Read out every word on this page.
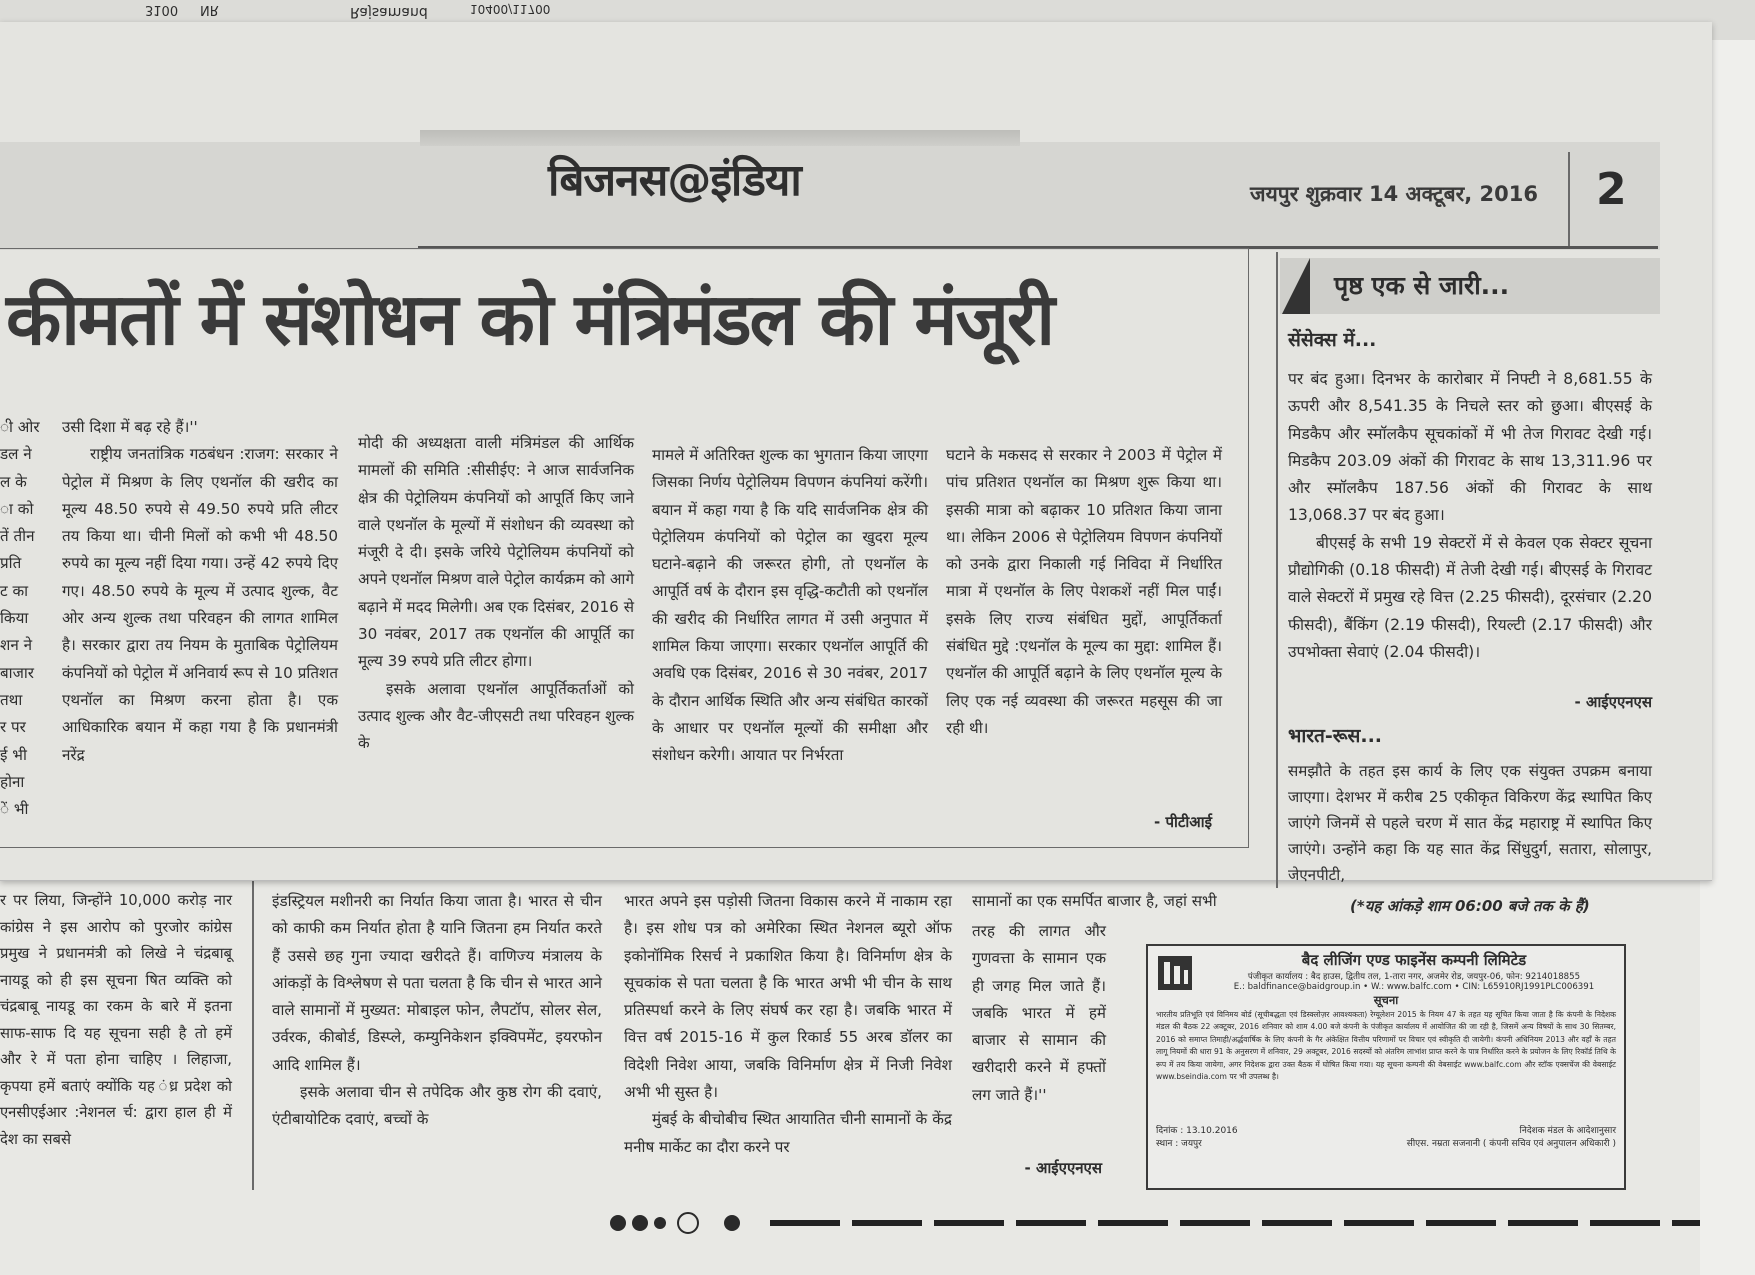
NR
3100	Rajsamand	10400/11700

र पर लिया, जिन्होंने 10,000 करोड़ नार कांग्रेस ने इस आरोप को पुरजोर कांग्रेस प्रमुख ने प्रधानमंत्री को लिखे ने चंद्रबाबू नायडू को ही इस सूचना षित व्यक्ति को चंद्रबाबू नायडू का रकम के बारे में इतना साफ-साफ दि यह सूचना सही है तो हमें और रे में पता होना चाहिए । लिहाजा, कृपया हमें बताएं क्योंकि यह ंध्र प्रदेश को एनसीएईआर :नेशनल र्च: द्वारा हाल ही में देश का सबसे

इंडस्ट्रियल मशीनरी का निर्यात किया जाता है। भारत से चीन को काफी कम निर्यात होता है यानि जितना हम निर्यात करते हैं उससे छह गुना ज्यादा खरीदते हैं। वाणिज्य मंत्रालय के आंकड़ों के विश्लेषण से पता चलता है कि चीन से भारत आने वाले सामानों में मुख्यत: मोबाइल फोन, लैपटॉप, सोलर सेल, उर्वरक, कीबोर्ड, डिस्प्ले, कम्युनिकेशन इक्विपमेंट, इयरफोन आदि शामिल हैं।

इसके अलावा चीन से तपेदिक और कुष्ठ रोग की दवाएं, एंटीबायोटिक दवाएं, बच्चों के

भारत अपने इस पड़ोसी जितना विकास करने में नाकाम रहा है। इस शोध पत्र को अमेरिका स्थित नेशनल ब्यूरो ऑफ इकोनॉमिक रिसर्च ने प्रकाशित किया है। विनिर्माण क्षेत्र के सूचकांक से पता चलता है कि भारत अभी भी चीन के साथ प्रतिस्पर्धा करने के लिए संघर्ष कर रहा है। जबकि भारत में वित्त वर्ष 2015-16 में कुल रिकार्ड 55 अरब डॉलर का विदेशी निवेश आया, जबकि विनिर्माण क्षेत्र में निजी निवेश अभी भी सुस्त है।

मुंबई के बीचोबीच स्थित आयातित चीनी सामानों के केंद्र मनीष मार्केट का दौरा करने पर

सामानों का एक समर्पित बाजार है, जहां सभी

तरह की लागत और गुणवत्ता के सामान एक ही जगह मिल जाते हैं। जबकि भारत में हमें बाजार से सामान की खरीदारी करने में हफ्तों लग जाते हैं।''

- आईएएनएस
बैद लीजिंग एण्ड फाइनेंस कम्पनी लिमिटेड
पंजीकृत कार्यालय : बैद हाउस, द्वितीय तल, 1-तारा नगर, अजमेर रोड, जयपुर-06, फोन: 9214018855
E.: baldfinance@baidgroup.in • W.: www.balfc.com • CIN: L65910RJ1991PLC006391
सूचना
भारतीय प्रतिभूति एवं विनिमय बोर्ड (सूचीबद्धता एवं डिस्क्लोज़र आवश्यकता) रेग्यूलेशन 2015 के नियम 47 के तहत यह सूचित किया जाता है कि कंपनी के निदेशक मंडल की बैठक 22 अक्टूबर, 2016 शनिवार को शाम 4.00 बजे कंपनी के पंजीकृत कार्यालय में आयोजित की जा रही है, जिसमें अन्य विषयों के साथ 30 सितम्बर, 2016 को समाप्त तिमाही/अर्द्धवार्षिक के लिए कंपनी के गैर अंकेक्षित वित्तीय परिणामों पर विचार एवं स्वीकृति दी जायेगी। कंपनी अधिनियम 2013 और वहाँ के तहत लागू नियमों की धारा 91 के अनुसरण में शनिवार, 29 अक्टूबर, 2016 सदस्यों को अंतरिम लाभांश प्राप्त करने के पात्र निर्धारित करने के प्रयोजन के लिए रिकॉर्ड तिथि के रूप में तय किया जायेगा, अगर निदेशक द्वारा उक्त बैठक में घोषित किया गया। यह सूचना कम्पनी की वेबसाईट www.balfc.com और स्टॉक एक्सचेंज की वेबसाईट www.bseindia.com पर भी उपलब्ध है।
दिनांक : 13.10.2016	निदेशक मंडल के आदेशानुसार
स्थान : जयपुर	सीएस. नम्रता सजनानी ( कंपनी सचिव एवं अनुपालन अधिकारी )
बिजनस@इंडिया	जयपुर शुक्रवार 14 अक्टूबर, 2016 2
कीमतों में संशोधन को मंत्रिमंडल की मंजूरी
ी ओर
डल ने
ल के
ा को
तें तीन
प्रति
ट का
किया
शन ने
बाजार
तथा
र पर
ई भी
होना
ें भी

उसी दिशा में बढ़ रहे हैं।''

राष्ट्रीय जनतांत्रिक गठबंधन :राजग: सरकार ने पेट्रोल में मिश्रण के लिए एथनॉल की खरीद का मूल्य 48.50 रुपये से 49.50 रुपये प्रति लीटर तय किया था। चीनी मिलों को कभी भी 48.50 रुपये का मूल्य नहीं दिया गया। उन्हें 42 रुपये दिए गए। 48.50 रुपये के मूल्य में उत्पाद शुल्क, वैट ओर अन्य शुल्क तथा परिवहन की लागत शामिल है। सरकार द्वारा तय नियम के मुताबिक पेट्रोलियम कंपनियों को पेट्रोल में अनिवार्य रूप से 10 प्रतिशत एथनॉल का मिश्रण करना होता है। एक आधिकारिक बयान में कहा गया है कि प्रधानमंत्री नरेंद्र

मोदी की अध्यक्षता वाली मंत्रिमंडल की आर्थिक मामलों की समिति :सीसीईए: ने आज सार्वजनिक क्षेत्र की पेट्रोलियम कंपनियों को आपूर्ति किए जाने वाले एथनॉल के मूल्यों में संशोधन की व्यवस्था को मंजूरी दे दी। इसके जरिये पेट्रोलियम कंपनियों को अपने एथनॉल मिश्रण वाले पेट्रोल कार्यक्रम को आगे बढ़ाने में मदद मिलेगी। अब एक दिसंबर, 2016 से 30 नवंबर, 2017 तक एथनॉल की आपूर्ति का मूल्य 39 रुपये प्रति लीटर होगा।

इसके अलावा एथनॉल आपूर्तिकर्ताओं को उत्पाद शुल्क और वैट-जीएसटी तथा परिवहन शुल्क के

मामले में अतिरिक्त शुल्क का भुगतान किया जाएगा जिसका निर्णय पेट्रोलियम विपणन कंपनियां करेंगी। बयान में कहा गया है कि यदि सार्वजनिक क्षेत्र की पेट्रोलियम कंपनियों को पेट्रोल का खुदरा मूल्य घटाने-बढ़ाने की जरूरत होगी, तो एथनॉल के आपूर्ति वर्ष के दौरान इस वृद्धि-कटौती को एथनॉल की खरीद की निर्धारित लागत में उसी अनुपात में शामिल किया जाएगा। सरकार एथनॉल आपूर्ति की अवधि एक दिसंबर, 2016 से 30 नवंबर, 2017 के दौरान आर्थिक स्थिति और अन्य संबंधित कारकों के आधार पर एथनॉल मूल्यों की समीक्षा और संशोधन करेगी। आयात पर निर्भरता

घटाने के मकसद से सरकार ने 2003 में पेट्रोल में पांच प्रतिशत एथनॉल का मिश्रण शुरू किया था। इसकी मात्रा को बढ़ाकर 10 प्रतिशत किया जाना था। लेकिन 2006 से पेट्रोलियम विपणन कंपनियों को उनके द्वारा निकाली गई निविदा में निर्धारित मात्रा में एथनॉल के लिए पेशकशें नहीं मिल पाईं। इसके लिए राज्य संबंधित मुद्दों, आपूर्तिकर्ता संबंधित मुद्दे :एथनॉल के मूल्य का मुद्दा: शामिल हैं। एथनॉल की आपूर्ति बढ़ाने के लिए एथनॉल मूल्य के लिए एक नई व्यवस्था की जरूरत महसूस की जा रही थी।

- पीटीआई
पृष्ठ एक से जारी...
सेंसेक्स में...

पर बंद हुआ। दिनभर के कारोबार में निफ्टी ने 8,681.55 के ऊपरी और 8,541.35 के निचले स्तर को छुआ। बीएसई के मिडकैप और स्मॉलकैप सूचकांकों में भी तेज गिरावट देखी गई। मिडकैप 203.09 अंकों की गिरावट के साथ 13,311.96 पर और स्मॉलकैप 187.56 अंकों की गिरावट के साथ 13,068.37 पर बंद हुआ।

बीएसई के सभी 19 सेक्टरों में से केवल एक सेक्टर सूचना प्रौद्योगिकी (0.18 फीसदी) में तेजी देखी गई। बीएसई के गिरावट वाले सेक्टरों में प्रमुख रहे वित्त (2.25 फीसदी), दूरसंचार (2.20 फीसदी), बैंकिंग (2.19 फीसदी), रियल्टी (2.17 फीसदी) और उपभोक्ता सेवाएं (2.04 फीसदी)।

- आईएएनएस
भारत-रूस...

समझौते के तहत इस कार्य के लिए एक संयुक्त उपक्रम बनाया जाएगा। देशभर में करीब 25 एकीकृत विकिरण केंद्र स्थापित किए जाएंगे जिनमें से पहले चरण में सात केंद्र महाराष्ट्र में स्थापित किए जाएंगे। उन्होंने कहा कि यह सात केंद्र सिंधुदुर्ग, सतारा, सोलापुर, जेएनपीटी,

(*यह आंकड़े शाम 06:00 बजे तक के हैं)
